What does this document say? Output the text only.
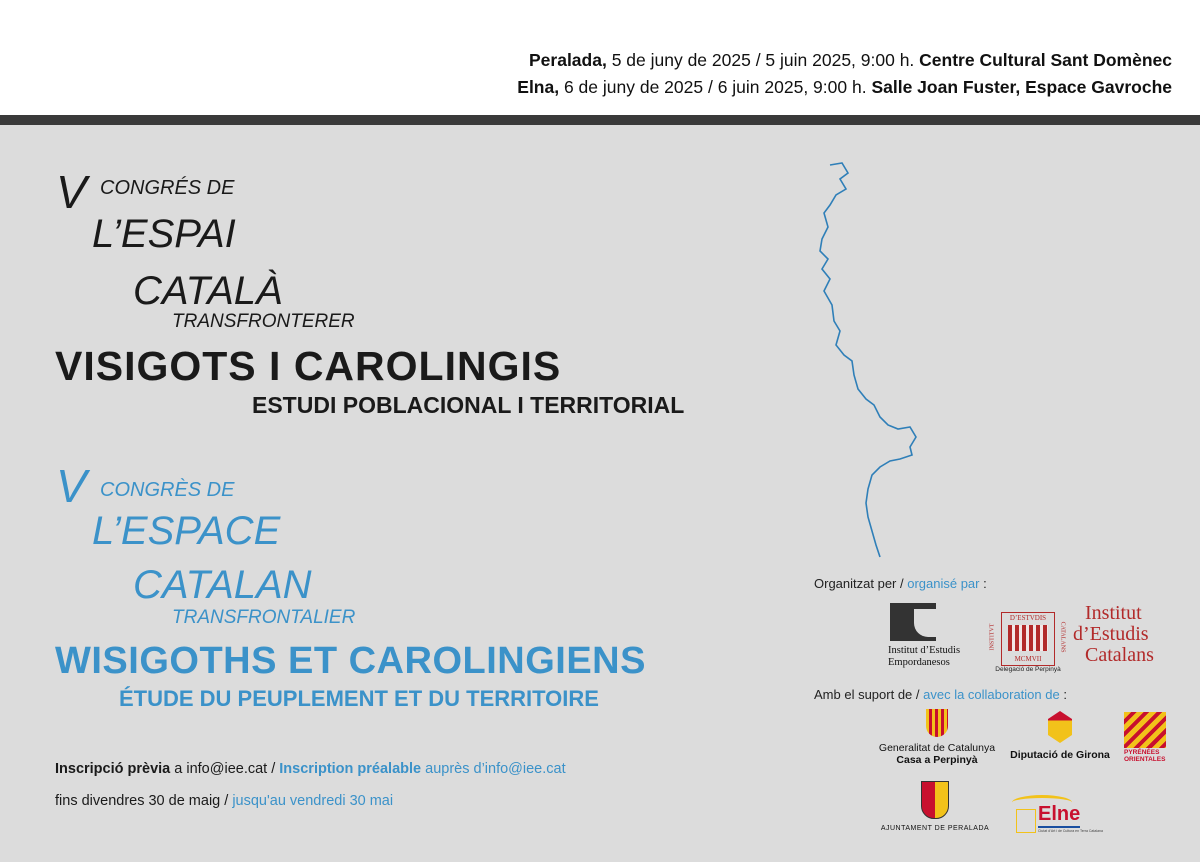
Peralada, 5 de juny de 2025 / 5 juin 2025, 9:00 h. Centre Cultural Sant Domènec
Elna, 6 de juny de 2025 / 6 juin 2025, 9:00 h. Salle Joan Fuster, Espace Gavroche
V CONGRÉS DE
L’ESPAI
CATALÀ
TRANSFRONTERER
VISIGOTS I CAROLINGIS
ESTUDI POBLACIONAL I TERRITORIAL
V CONGRÈS DE
L’ESPACE
CATALAN
TRANSFRONTALIER
WISIGOTHS ET CAROLINGIENS
ÉTUDE DU PEUPLEMENT ET DU TERRITOIRE
Inscripció prèvia a info@iee.cat / Inscription préalable auprès d’info@iee.cat
fins divendres 30 de maig / jusqu'au vendredi 30 mai
Organitzat per / organisé par :
Institut d’Estudis
Empordanesos
D’ESTVDIS
MCMVII
INSTITVT	CATALANS
Delegació de Perpinyà
Institut
d’Estudis
Catalans
Amb el suport de / avec la collaboration de :
Generalitat de Catalunya
Casa a Perpinyà	Diputació de Girona PYRÉNÉES
ORIENTALES
AJUNTAMENT DE PERALADA
Elne
Ciutat d’Art i de Cultura en Terra Catalana
